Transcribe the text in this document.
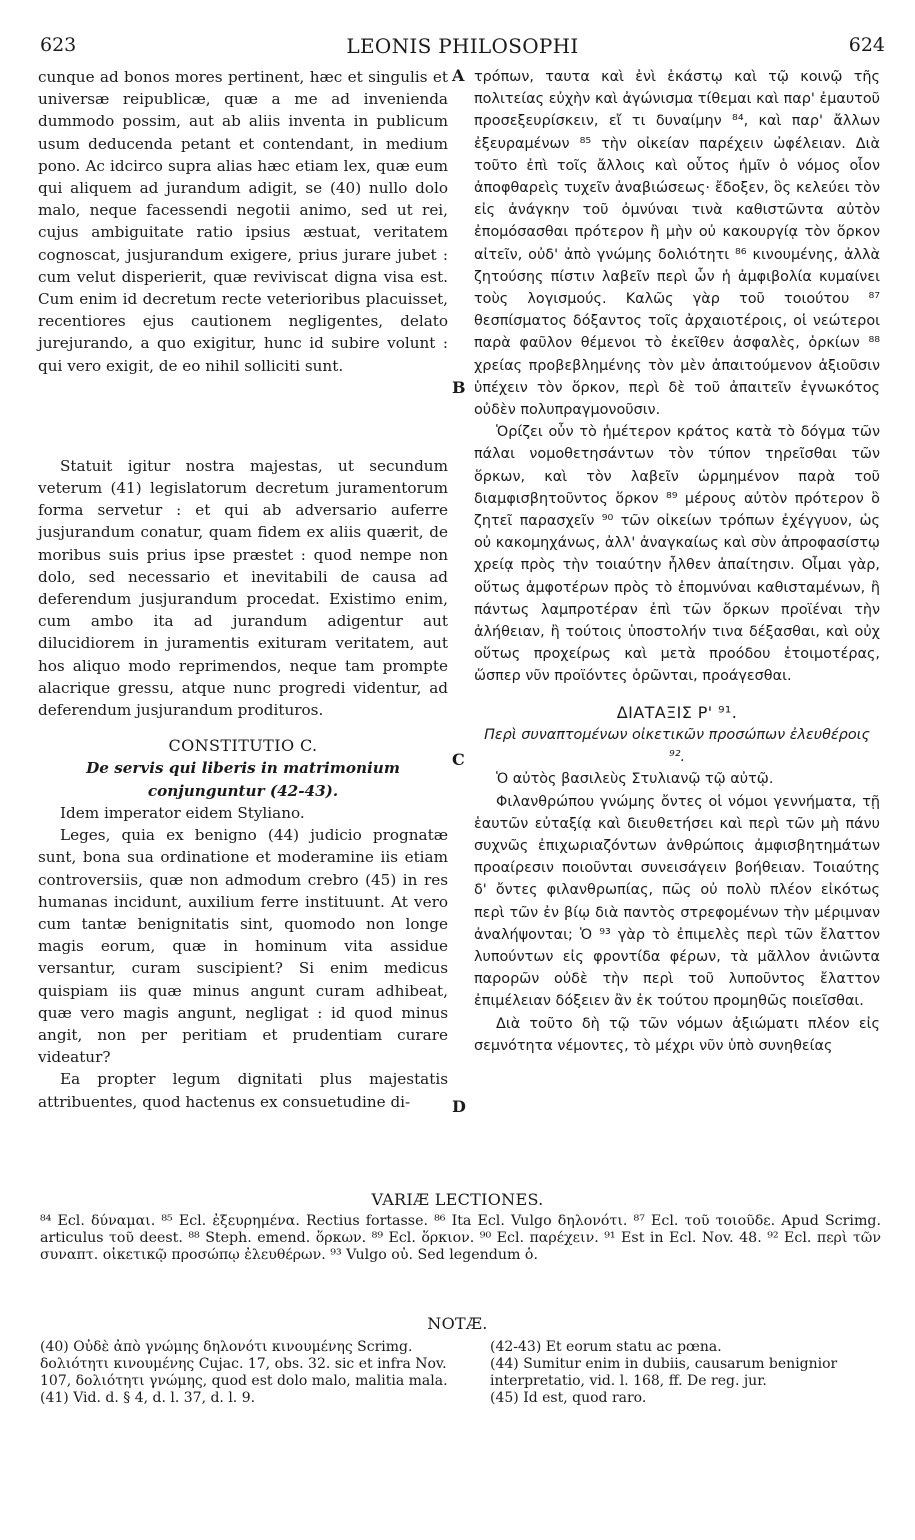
623	LEONIS PHILOSOPHI	624

cunque ad bonos mores pertinent, hæc et singulis et universæ reipublicæ, quæ a me ad invenienda dummodo possim, aut ab aliis inventa in publicum usum deducenda petant et contendant, in medium pono. Ac idcirco supra alias hæc etiam lex, quæ eum qui aliquem ad jurandum adigit, se (40) nullo dolo malo, neque facessendi negotii animo, sed ut rei, cujus ambiguitate ratio ipsius æstuat, veritatem cognoscat, jusjurandum exigere, prius jurare jubet : cum velut disperierit, quæ reviviscat digna visa est. Cum enim id decretum recte veterioribus placuisset, recentiores ejus cautionem negligentes, delato jurejurando, a quo exigitur, hunc id subire volunt : qui vero exigit, de eo nihil solliciti sunt.

Statuit igitur nostra majestas, ut secundum veterum (41) legislatorum decretum juramentorum forma servetur : et qui ab adversario auferre jusjurandum conatur, quam fidem ex aliis quærit, de moribus suis prius ipse præstet : quod nempe non dolo, sed necessario et inevitabili de causa ad deferendum jusjurandum procedat. Existimo enim, cum ambo ita ad jurandum adigentur aut dilucidiorem in juramentis exituram veritatem, aut hos aliquo modo reprimendos, neque tam prompte alacrique gressu, atque nunc progredi videntur, ad deferendum jusjurandum prodituros.

CONSTITUTIO C.
De servis qui liberis in matrimonium conjunguntur (42-43).

Idem imperator eidem Styliano.

Leges, quia ex benigno (44) judicio prognatæ sunt, bona sua ordinatione et moderamine iis etiam controversiis, quæ non admodum crebro (45) in res humanas incidunt, auxilium ferre instituunt. At vero cum tantæ benignitatis sint, quomodo non longe magis eorum, quæ in hominum vita assidue versantur, curam suscipient? Si enim medicus quispiam iis quæ minus angunt curam adhibeat, quæ vero magis angunt, negligat : id quod minus angit, non per peritiam et prudentiam curare videatur?

Ea propter legum dignitati plus majestatis attribuentes, quod hactenus ex consuetudine di-

A
B
C
D

τρόπων, ταυτα καὶ ἑνὶ ἑκάστῳ καὶ τῷ κοινῷ τῆς πολιτείας εὐχὴν καὶ ἀγώνισμα τίθεμαι καὶ παρ' ἐμαυτοῦ προσεξευρίσκειν, εἴ τι δυναίμην ⁸⁴, καὶ παρ' ἄλλων ἐξευραμένων ⁸⁵ τὴν οἰκείαν παρέχειν ὠφέλειαν. Διὰ τοῦτο ἐπὶ τοῖς ἄλλοις καὶ οὗτος ἡμῖν ὁ νόμος οἷον ἀποφθαρεὶς τυχεῖν ἀναβιώσεως· ἔδοξεν, ὃς κελεύει τὸν εἰς ἀνάγκην τοῦ ὀμνύναι τινὰ καθιστῶντα αὐτὸν ἐπομόσασθαι πρότερον ἢ μὴν οὐ κακουργίᾳ τὸν ὅρκον αἰτεῖν, οὐδ' ἀπὸ γνώμης δολιότητι ⁸⁶ κινουμένης, ἀλλὰ ζητούσης πίστιν λαβεῖν περὶ ὧν ἡ ἀμφιβολία κυμαίνει τοὺς λογισμούς. Καλῶς γὰρ τοῦ τοιούτου ⁸⁷ θεσπίσματος δόξαντος τοῖς ἀρχαιοτέροις, οἱ νεώτεροι παρὰ φαῦλον θέμενοι τὸ ἐκεῖθεν ἀσφαλὲς, ὁρκίων ⁸⁸ χρείας προβεβλημένης τὸν μὲν ἀπαιτούμενον ἀξιοῦσιν ὑπέχειν τὸν ὅρκον, περὶ δὲ τοῦ ἀπαιτεῖν ἐγνωκότος οὐδὲν πολυπραγμονοῦσιν.

Ὁρίζει οὖν τὸ ἡμέτερον κράτος κατὰ τὸ δόγμα τῶν πάλαι νομοθετησάντων τὸν τύπον τηρεῖσθαι τῶν ὅρκων, καὶ τὸν λαβεῖν ὡρμημένον παρὰ τοῦ διαμφισβητοῦντος ὅρκον ⁸⁹ μέρους αὐτὸν πρότερον ὃ ζητεῖ παρασχεῖν ⁹⁰ τῶν οἰκείων τρόπων ἐχέγγυον, ὡς οὐ κακομηχάνως, ἀλλ' ἀναγκαίως καὶ σὺν ἀπροφασίστῳ χρείᾳ πρὸς τὴν τοιαύτην ἦλθεν ἀπαίτησιν. Οἶμαι γὰρ, οὕτως ἀμφοτέρων πρὸς τὸ ἐπομνύναι καθισταμένων, ἢ πάντως λαμπροτέραν ἐπὶ τῶν ὅρκων προϊέναι τὴν ἀλήθειαν, ἢ τούτοις ὑποστολήν τινα δέξασθαι, καὶ οὐχ οὕτως προχείρως καὶ μετὰ προόδου ἑτοιμοτέρας, ὥσπερ νῦν προϊόντες ὁρῶνται, προάγεσθαι.

ΔΙΑΤΑΞΙΣ Ρ' ⁹¹.
Περὶ συναπτομένων οἰκετικῶν προσώπων ἐλευθέροις ⁹².

Ὁ αὐτὸς βασιλεὺς Στυλιανῷ τῷ αὐτῷ.

Φιλανθρώπου γνώμης ὄντες οἱ νόμοι γεννήματα, τῇ ἑαυτῶν εὐταξίᾳ καὶ διευθετήσει καὶ περὶ τῶν μὴ πάνυ συχνῶς ἐπιχωριαζόντων ἀνθρώποις ἀμφισβητημάτων προαίρεσιν ποιοῦνται συνεισάγειν βοήθειαν. Τοιαύτης δ' ὄντες φιλανθρωπίας, πῶς οὐ πολὺ πλέον εἰκότως περὶ τῶν ἐν βίῳ διὰ παντὸς στρεφομένων τὴν μέριμναν ἀναλήψονται; Ὁ ⁹³ γὰρ τὸ ἐπιμελὲς περὶ τῶν ἔλαττον λυπούντων εἰς φροντίδα φέρων, τὰ μᾶλλον ἀνιῶντα παρορῶν οὐδὲ τὴν περὶ τοῦ λυποῦντος ἔλαττον ἐπιμέλειαν δόξειεν ἂν ἐκ τούτου προμηθῶς ποιεῖσθαι.

Διὰ τοῦτο δὴ τῷ τῶν νόμων ἀξιώματι πλέον εἰς σεμνότητα νέμοντες, τὸ μέχρι νῦν ὑπὸ συνηθείας

VARIÆ LECTIONES.
⁸⁴ Ecl. δύναμαι. ⁸⁵ Ecl. ἐξευρημένα. Rectius fortasse. ⁸⁶ Ita Ecl. Vulgo δηλονότι. ⁸⁷ Ecl. τοῦ τοιοῦδε. Apud Scrimg. articulus τοῦ deest. ⁸⁸ Steph. emend. ὅρκων. ⁸⁹ Ecl. ὅρκιον. ⁹⁰ Ecl. παρέχειν. ⁹¹ Est in Ecl. Nov. 48. ⁹² Ecl. περὶ τῶν συναπτ. οἰκετικῷ προσώπῳ ἐλευθέρων. ⁹³ Vulgo οὐ. Sed legendum ὁ.
NOTÆ.

(40) Οὐδὲ ἀπὸ γνώμης δηλονότι κινουμένης Scrimg. δολιότητι κινουμένης Cujac. 17, obs. 32. sic et infra Nov. 107, δολιότητι γνώμης, quod est dolo malo, malitia mala.

(41) Vid. d. § 4, d. l. 37, d. l. 9.

(42-43) Et eorum statu ac pœna.

(44) Sumitur enim in dubiis, causarum benignior interpretatio, vid. l. 168, ff. De reg. jur.

(45) Id est, quod raro.
